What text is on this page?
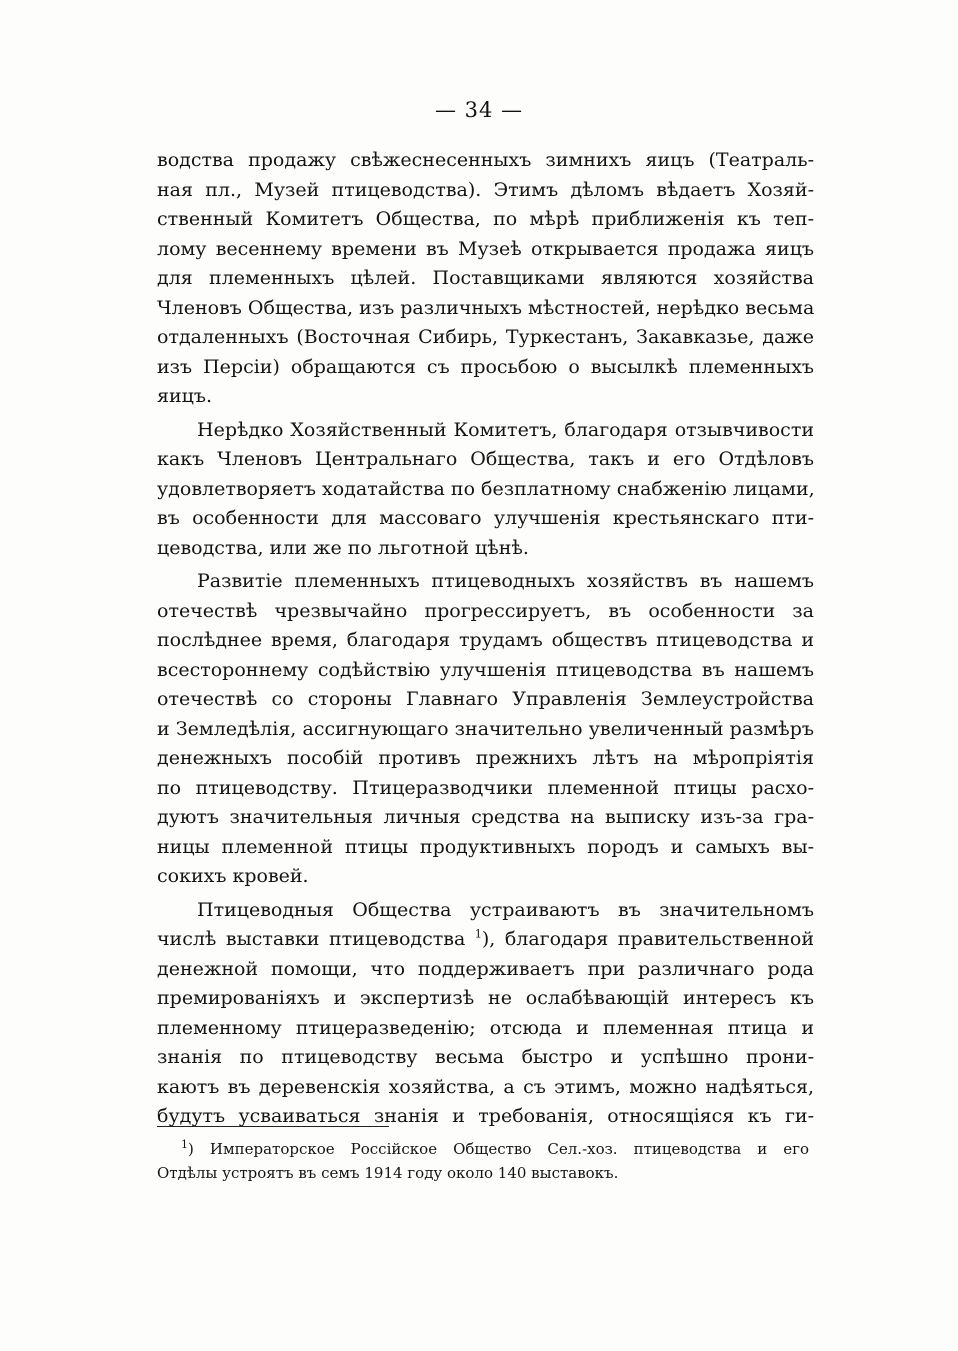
— 34 —
водства продажу свѣжеснесенныхъ зимнихъ яицъ (Театраль-
ная пл., Музей птицеводства). Этимъ дѣломъ вѣдаетъ Хозяй-
ственный Комитетъ Общества, по мѣрѣ приближенія къ теп-
лому весеннему времени въ Музеѣ открывается продажа яицъ
для племенныхъ цѣлей. Поставщиками являются хозяйства
Членовъ Общества, изъ различныхъ мѣстностей, нерѣдко весьма
отдаленныхъ (Восточная Сибирь, Туркестанъ, Закавказье, даже
изъ Персіи) обращаются съ просьбою о высылкѣ племенныхъ
яицъ.
Нерѣдко Хозяйственный Комитетъ, благодаря отзывчивости
какъ Членовъ Центральнаго Общества, такъ и его Отдѣловъ
удовлетворяетъ ходатайства по безплатному снабженію лицами,
въ особенности для массоваго улучшенія крестьянскаго пти-
цеводства, или же по льготной цѣнѣ.
Развитіе племенныхъ птицеводныхъ хозяйствъ въ нашемъ
отечествѣ чрезвычайно прогрессируетъ, въ особенности за
послѣднее время, благодаря трудамъ обществъ птицеводства и
всестороннему содѣйствію улучшенія птицеводства въ нашемъ
отечествѣ со стороны Главнаго Управленія Землеустройства
и Земледѣлія, ассигнующаго значительно увеличенный размѣръ
денежныхъ пособій противъ прежнихъ лѣтъ на мѣропріятія
по птицеводству. Птицеразводчики племенной птицы расхо-
дуютъ значительныя личныя средства на выписку изъ-за гра-
ницы племенной птицы продуктивныхъ породъ и самыхъ вы-
сокихъ кровей.
Птицеводныя Общества устраиваютъ въ значительномъ
числѣ выставки птицеводства $^1$), благодаря правительственной
денежной помощи, что поддерживаетъ при различнаго рода
премированіяхъ и экспертизѣ не ослабѣвающій интересъ къ
племенному птицеразведенію; отсюда и племенная птица и
знанія по птицеводству весьма быстро и успѣшно прони-
каютъ въ деревенскія хозяйства, а съ этимъ, можно надѣяться,
будутъ усваиваться знанія и требованія, относящіяся къ ги-
$^1$) Императорское Россійское Общество Сел.-хоз. птицеводства и его
Отдѣлы устроятъ въ семъ 1914 году около 140 выставокъ.
